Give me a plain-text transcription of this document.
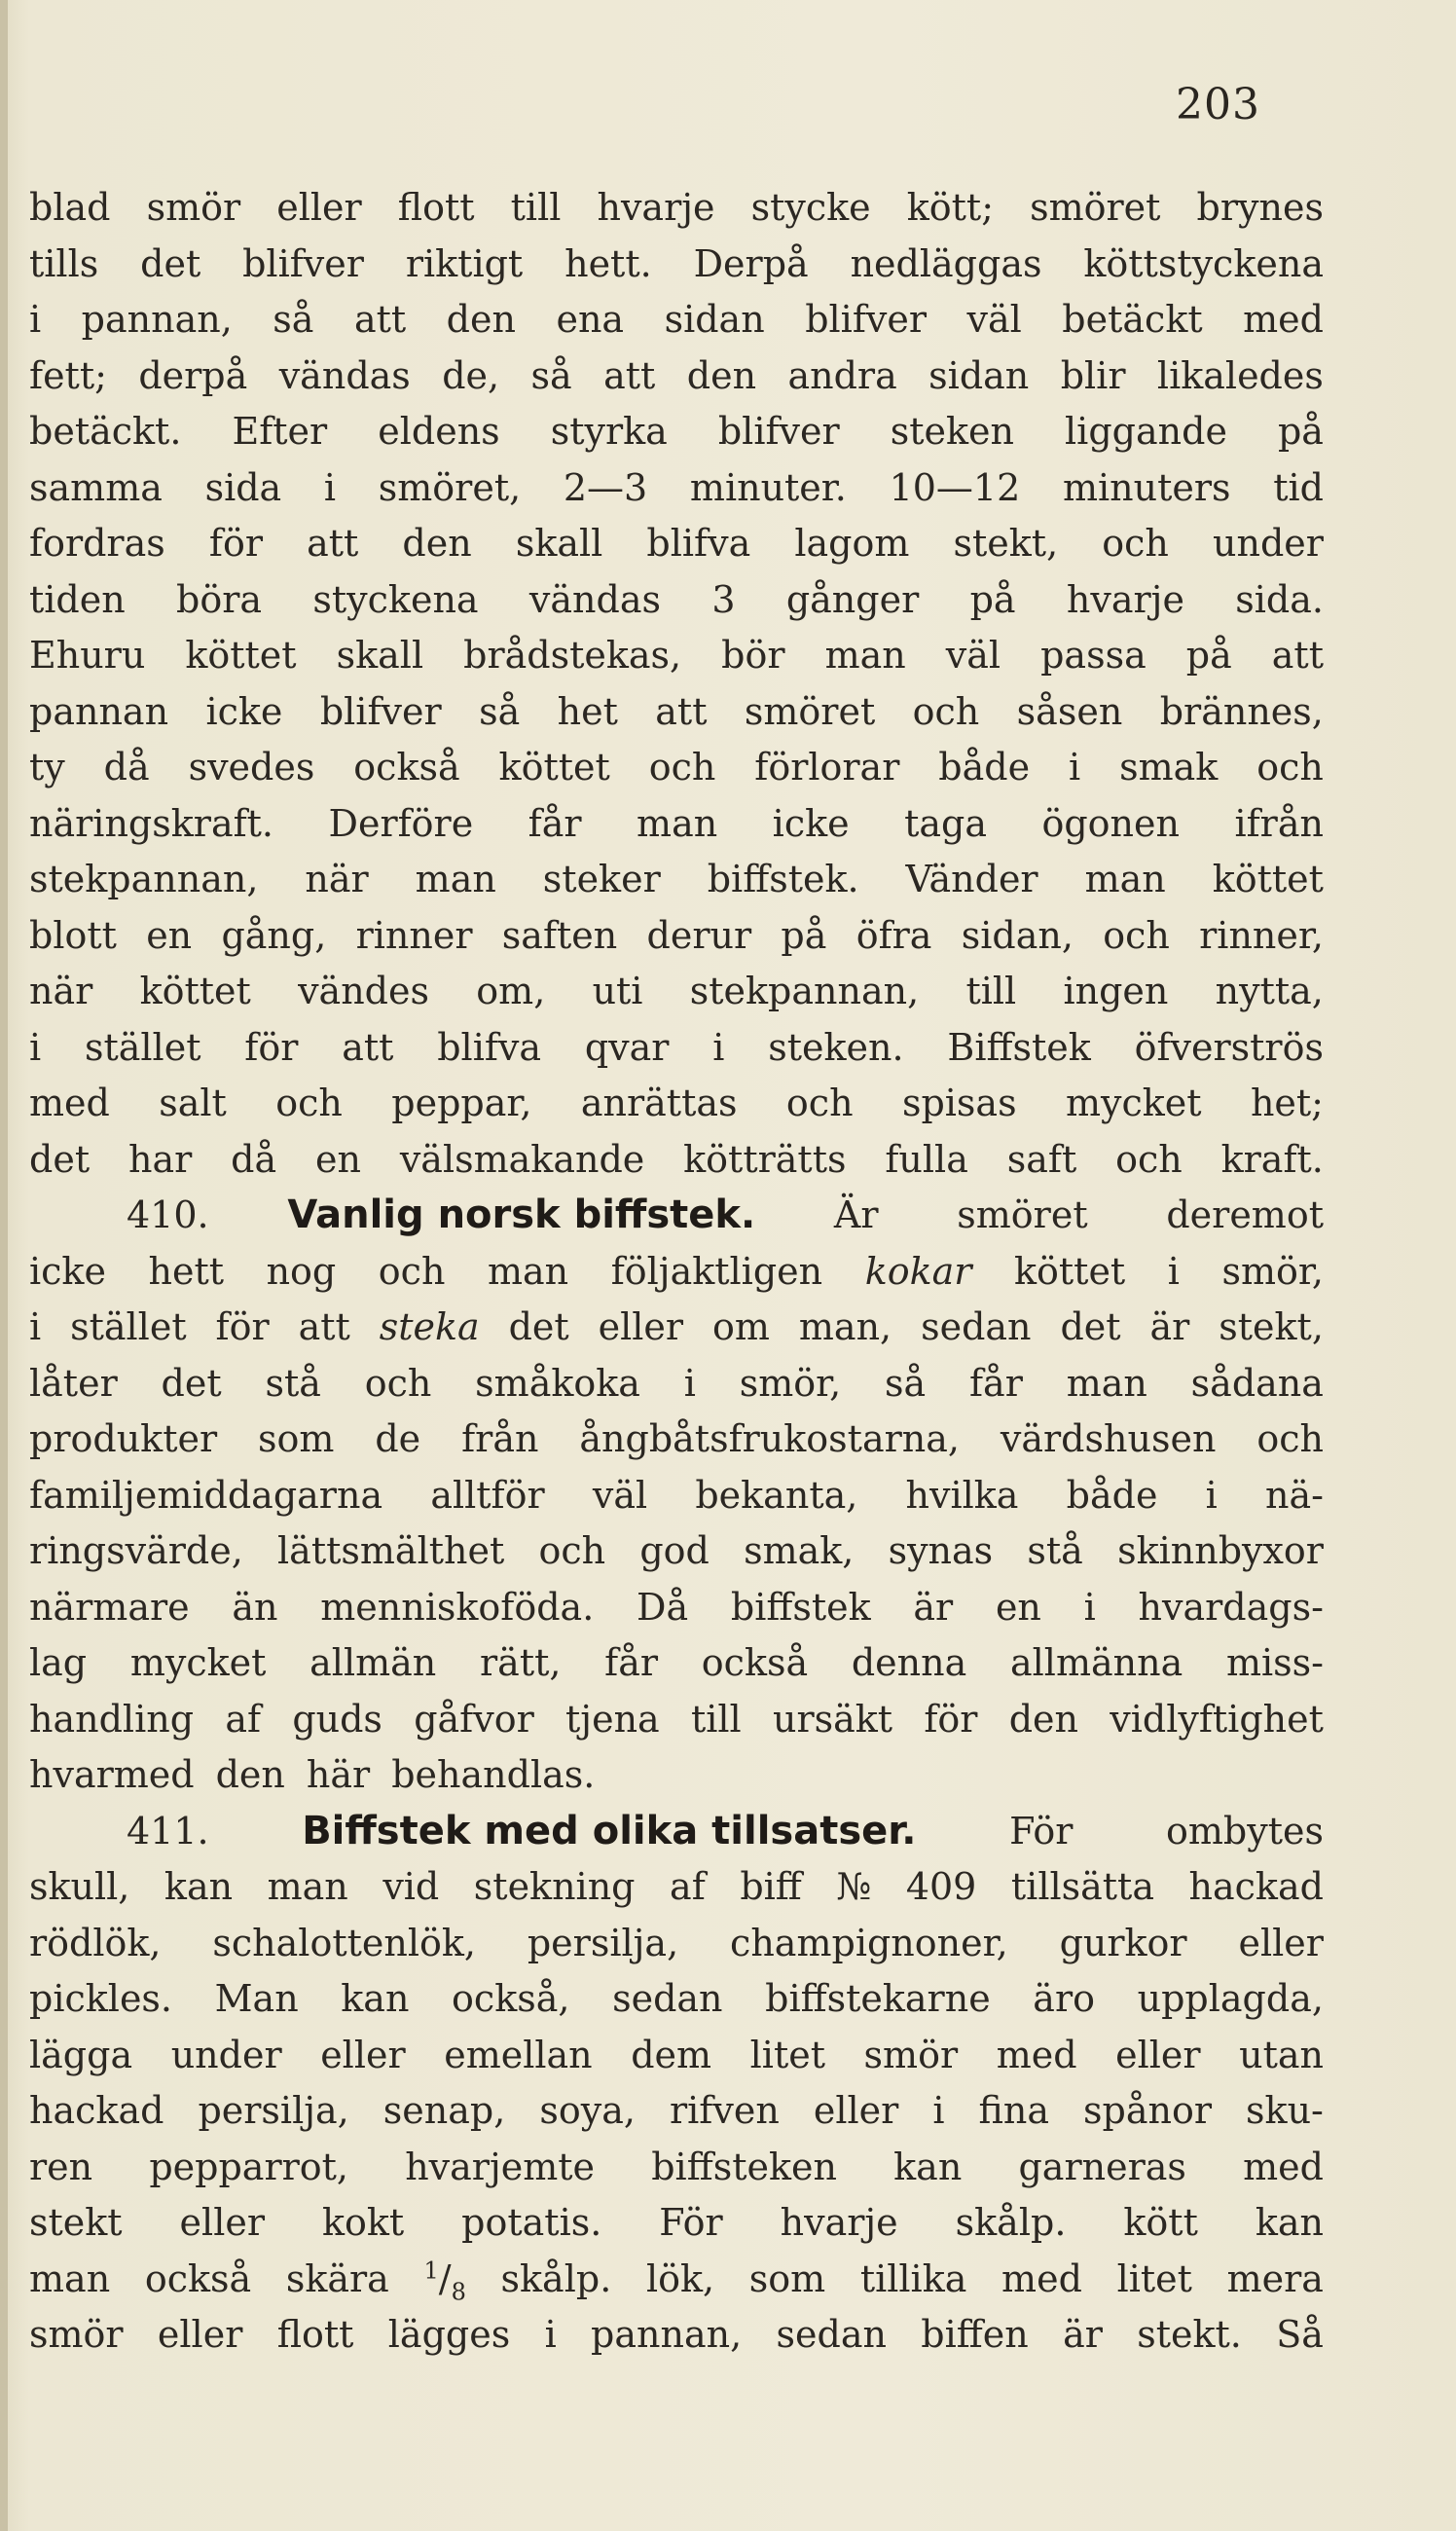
203
blad smör eller flott till hvarje stycke kött; smöret brynes
tills det blifver riktigt hett. Derpå nedläggas köttstyckena
i pannan, så att den ena sidan blifver väl betäckt med
fett; derpå vändas de, så att den andra sidan blir likaledes
betäckt. Efter eldens styrka blifver steken liggande på
samma sida i smöret, 2—3 minuter. 10—12 minuters tid
fordras för att den skall blifva lagom stekt, och under
tiden böra styckena vändas 3 gånger på hvarje sida.
Ehuru köttet skall brådstekas, bör man väl passa på att
pannan icke blifver så het att smöret och såsen brännes,
ty då svedes också köttet och förlorar både i smak och
näringskraft. Derföre får man icke taga ögonen ifrån
stekpannan, när man steker biffstek. Vänder man köttet
blott en gång, rinner saften derur på öfra sidan, och rinner,
när köttet vändes om, uti stekpannan, till ingen nytta,
i stället för att blifva qvar i steken. Biffstek öfverströs
med salt och peppar, anrättas och spisas mycket het;
det har då en välsmakande kötträtts fulla saft och kraft.
410. Vanlig norsk biffstek. Är smöret deremot
icke hett nog och man följaktligen kokar köttet i smör,
i stället för att steka det eller om man, sedan det är stekt,
låter det stå och småkoka i smör, så får man sådana
produkter som de från ångbåtsfrukostarna, värdshusen och
familjemiddagarna alltför väl bekanta, hvilka både i nä-
ringsvärde, lättsmälthet och god smak, synas stå skinnbyxor
närmare än menniskoföda. Då biffstek är en i hvardags-
lag mycket allmän rätt, får också denna allmänna miss-
handling af guds gåfvor tjena till ursäkt för den vidlyftighet
hvarmed den här behandlas.
411. Biffstek med olika tillsatser.	För	ombytes
skull, kan man vid stekning af biff № 409 tillsätta hackad
rödlök, schalottenlök, persilja, champignoner, gurkor eller
pickles. Man kan också, sedan biffstekarne äro upplagda,
lägga under eller emellan dem litet smör med eller utan
hackad persilja, senap, soya, rifven eller i fina spånor sku-
ren pepparrot, hvarjemte biffsteken kan garneras med
stekt eller kokt potatis. För hvarje skålp. kött kan
man också skära $^1/_8$ skålp. lök, som tillika med litet mera
smör eller flott lägges i pannan, sedan biffen är stekt. Så
